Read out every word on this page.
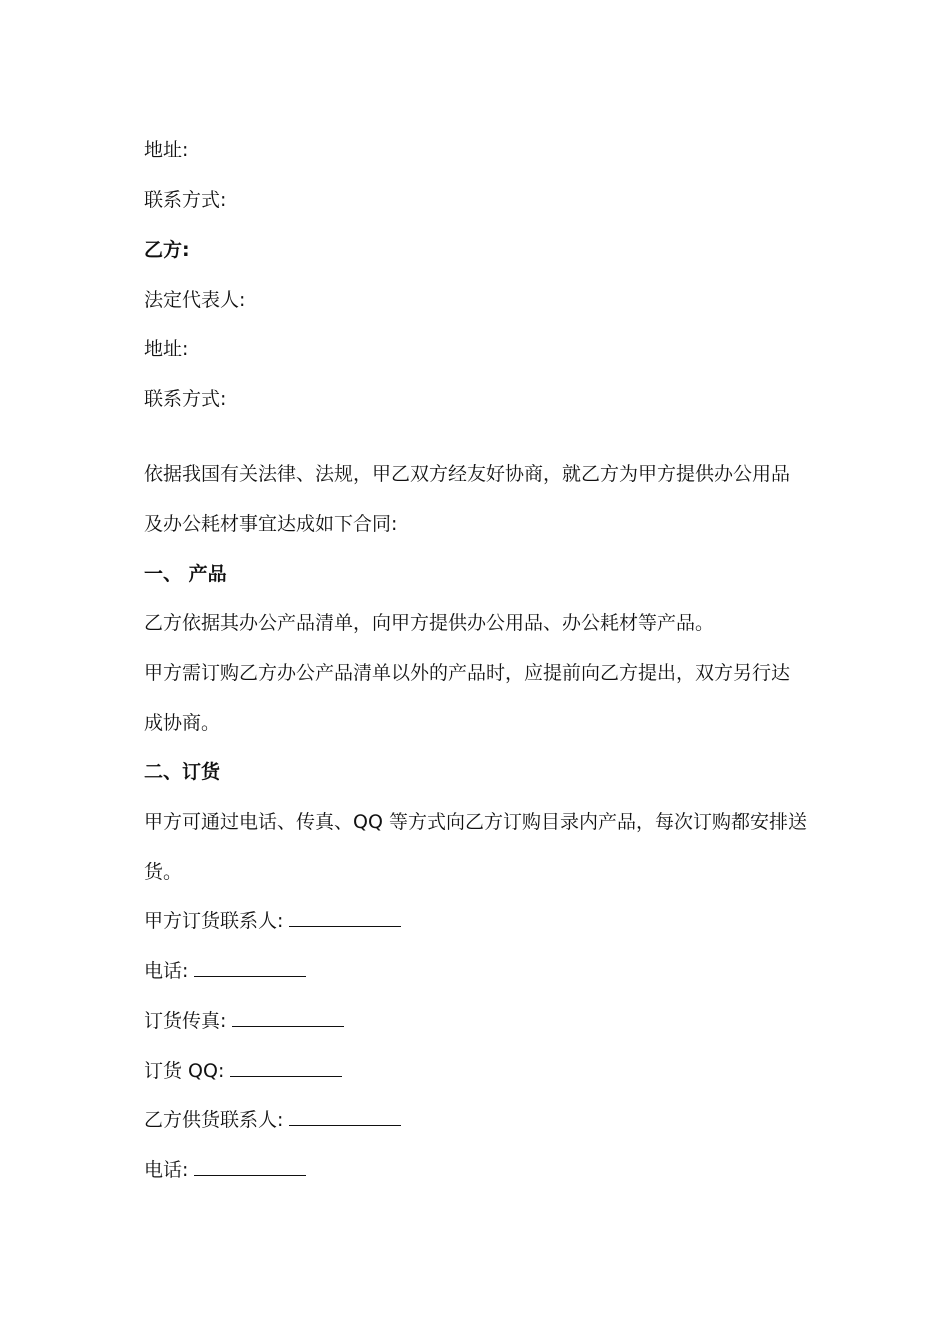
地址:
联系方式:
乙方:
法定代表人:
地址:
联系方式:
依据我国有关法律、法规，甲乙双方经友好协商，就乙方为甲方提供办公用品
及办公耗材事宜达成如下合同:
一、 产品
乙方依据其办公产品清单，向甲方提供办公用品、办公耗材等产品。
甲方需订购乙方办公产品清单以外的产品时，应提前向乙方提出，双方另行达
成协商。
二、订货
甲方可通过电话、传真、QQ 等方式向乙方订购目录内产品，每次订购都安排送
货。
甲方订货联系人:
电话:
订货传真:
订货 QQ:
乙方供货联系人:
电话:
